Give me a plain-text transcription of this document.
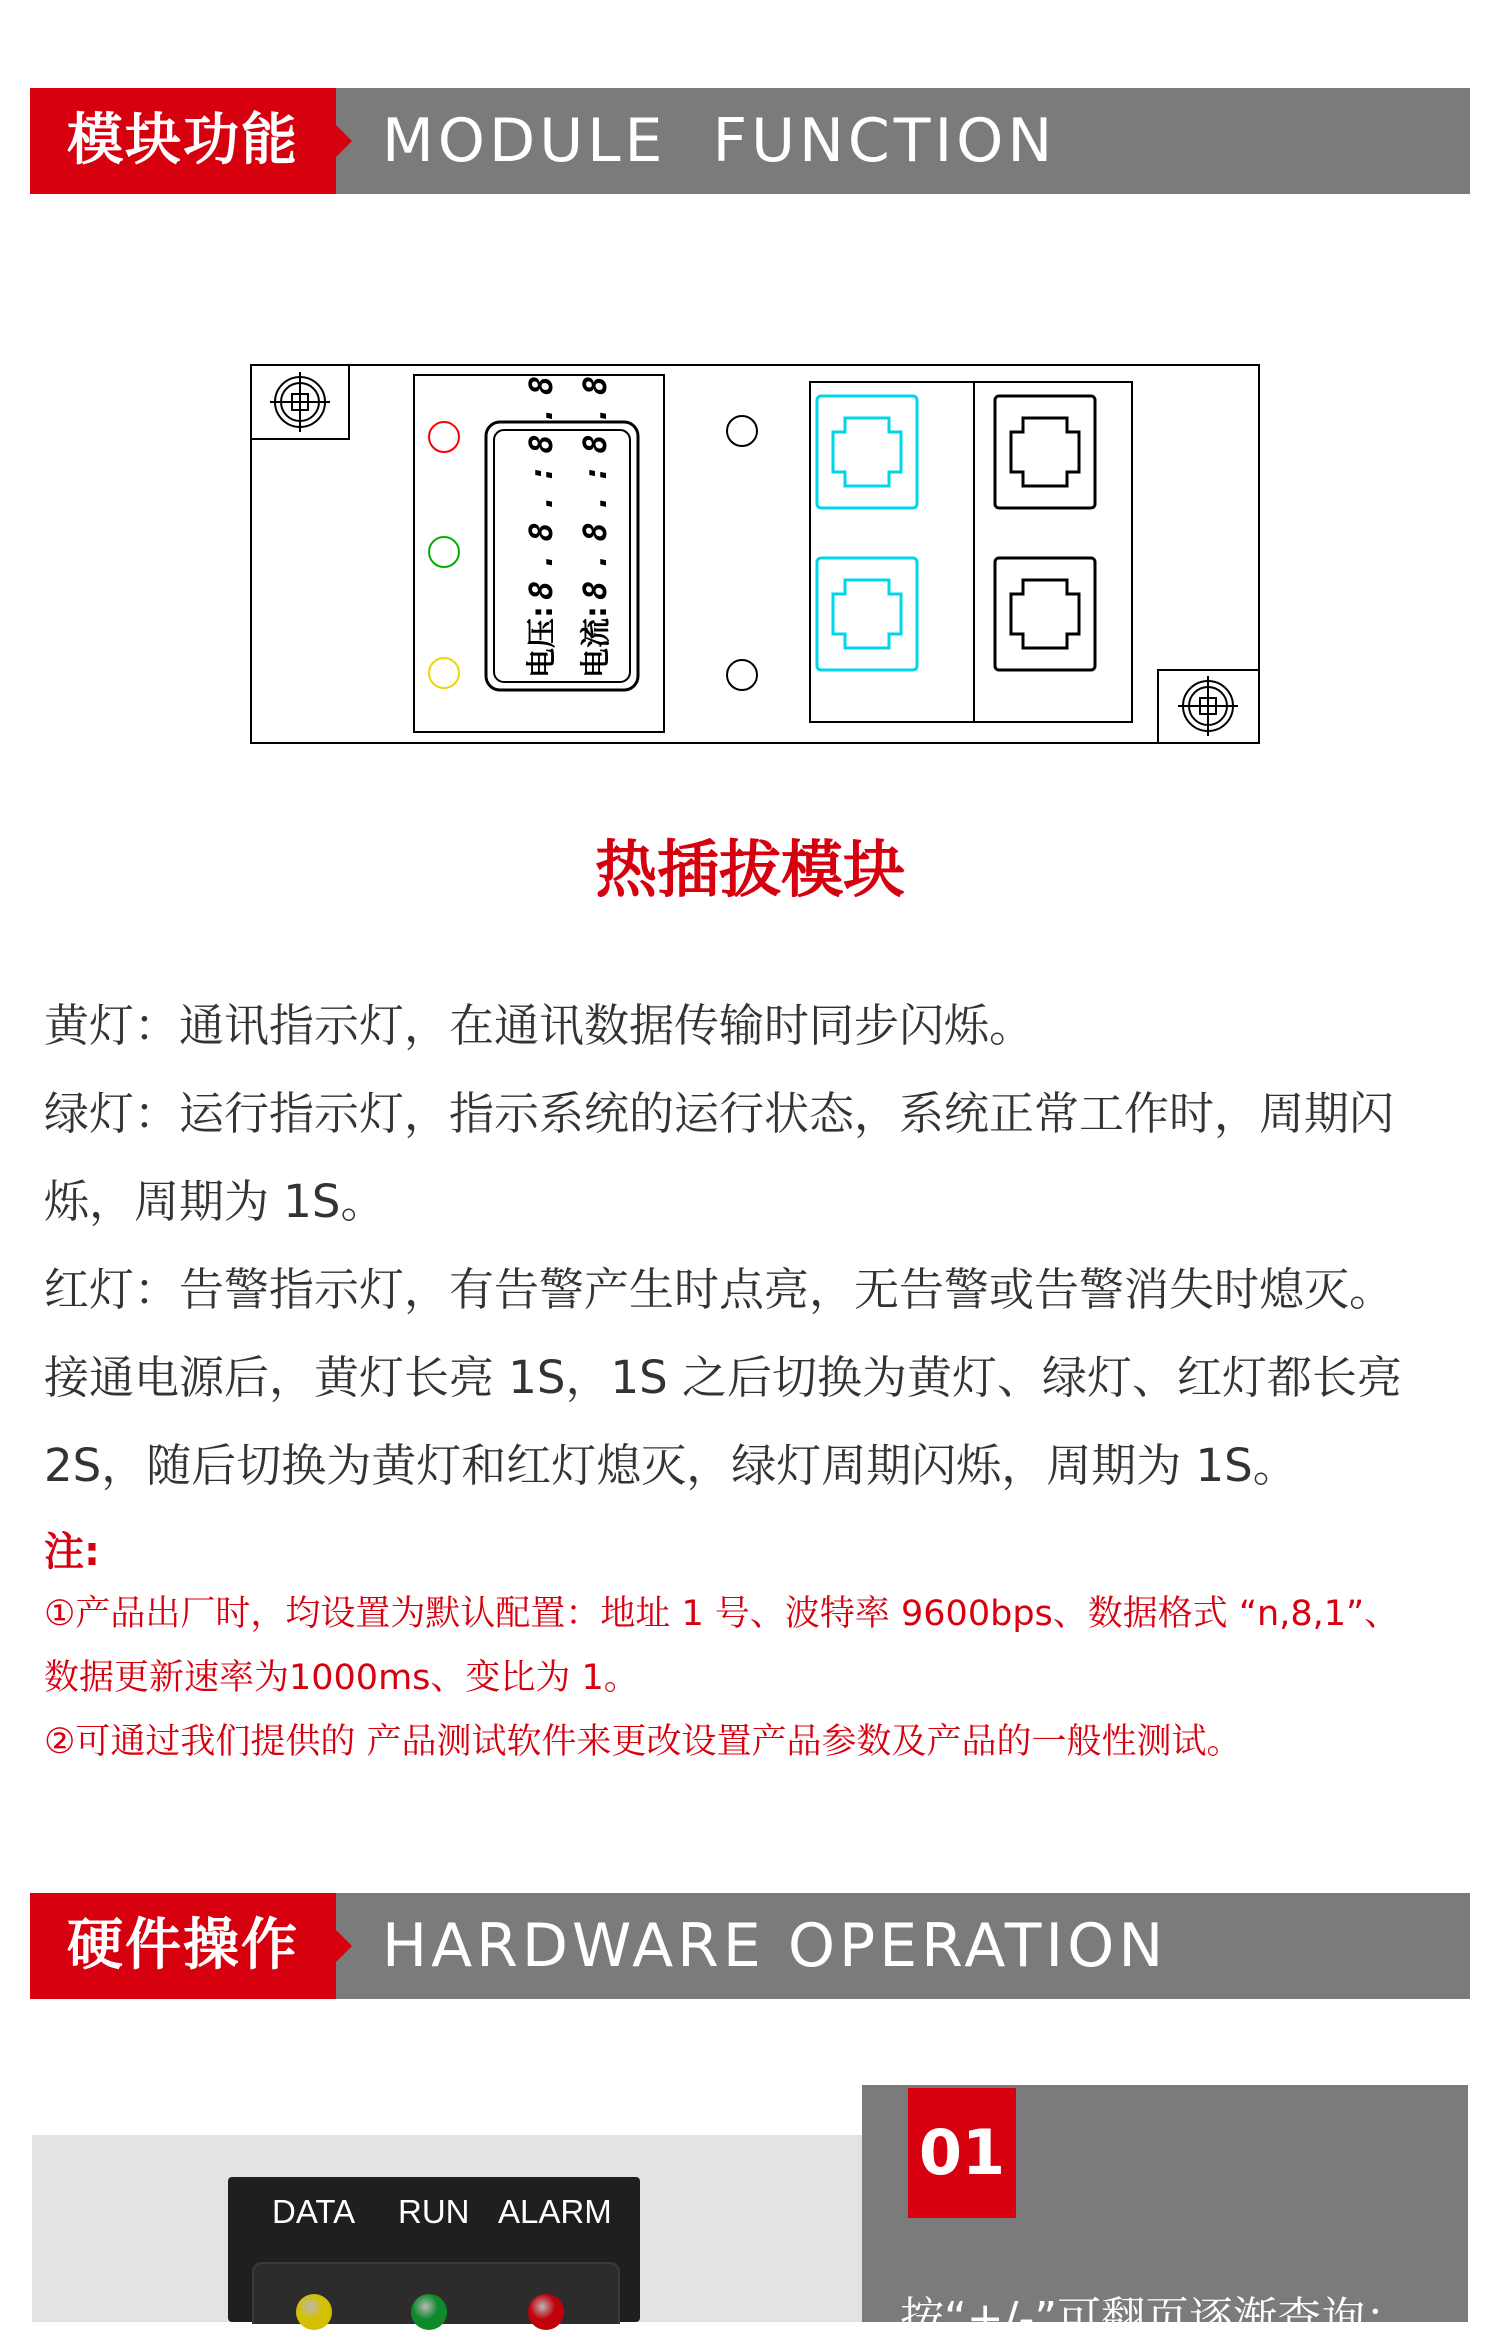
模块功能	MODULE  FUNCTION
电压: 电流:
8.8.:8.8 8.8.:8.8
热插拔模块

黄灯：通讯指示灯，在通讯数据传输时同步闪烁。

绿灯：运行指示灯，指示系统的运行状态，系统正常工作时，周期闪

烁，周期为 1S。

红灯：告警指示灯，有告警产生时点亮，无告警或告警消失时熄灭。

接通电源后，黄灯长亮 1S，1S 之后切换为黄灯、绿灯、红灯都长亮

2S，随后切换为黄灯和红灯熄灭，绿灯周期闪烁，周期为 1S。

注:
①产品出厂时，均设置为默认配置：地址 1 号、波特率 9600bps、数据格式 “n,8,1”、
数据更新速率为1000ms、变比为 1。
②可通过我们提供的 产品测试软件来更改设置产品参数及产品的一般性测试。
硬件操作	HARDWARE OPERATION
DATA RUN ALARM
01
按“+/-”可翻页逐渐查询：
